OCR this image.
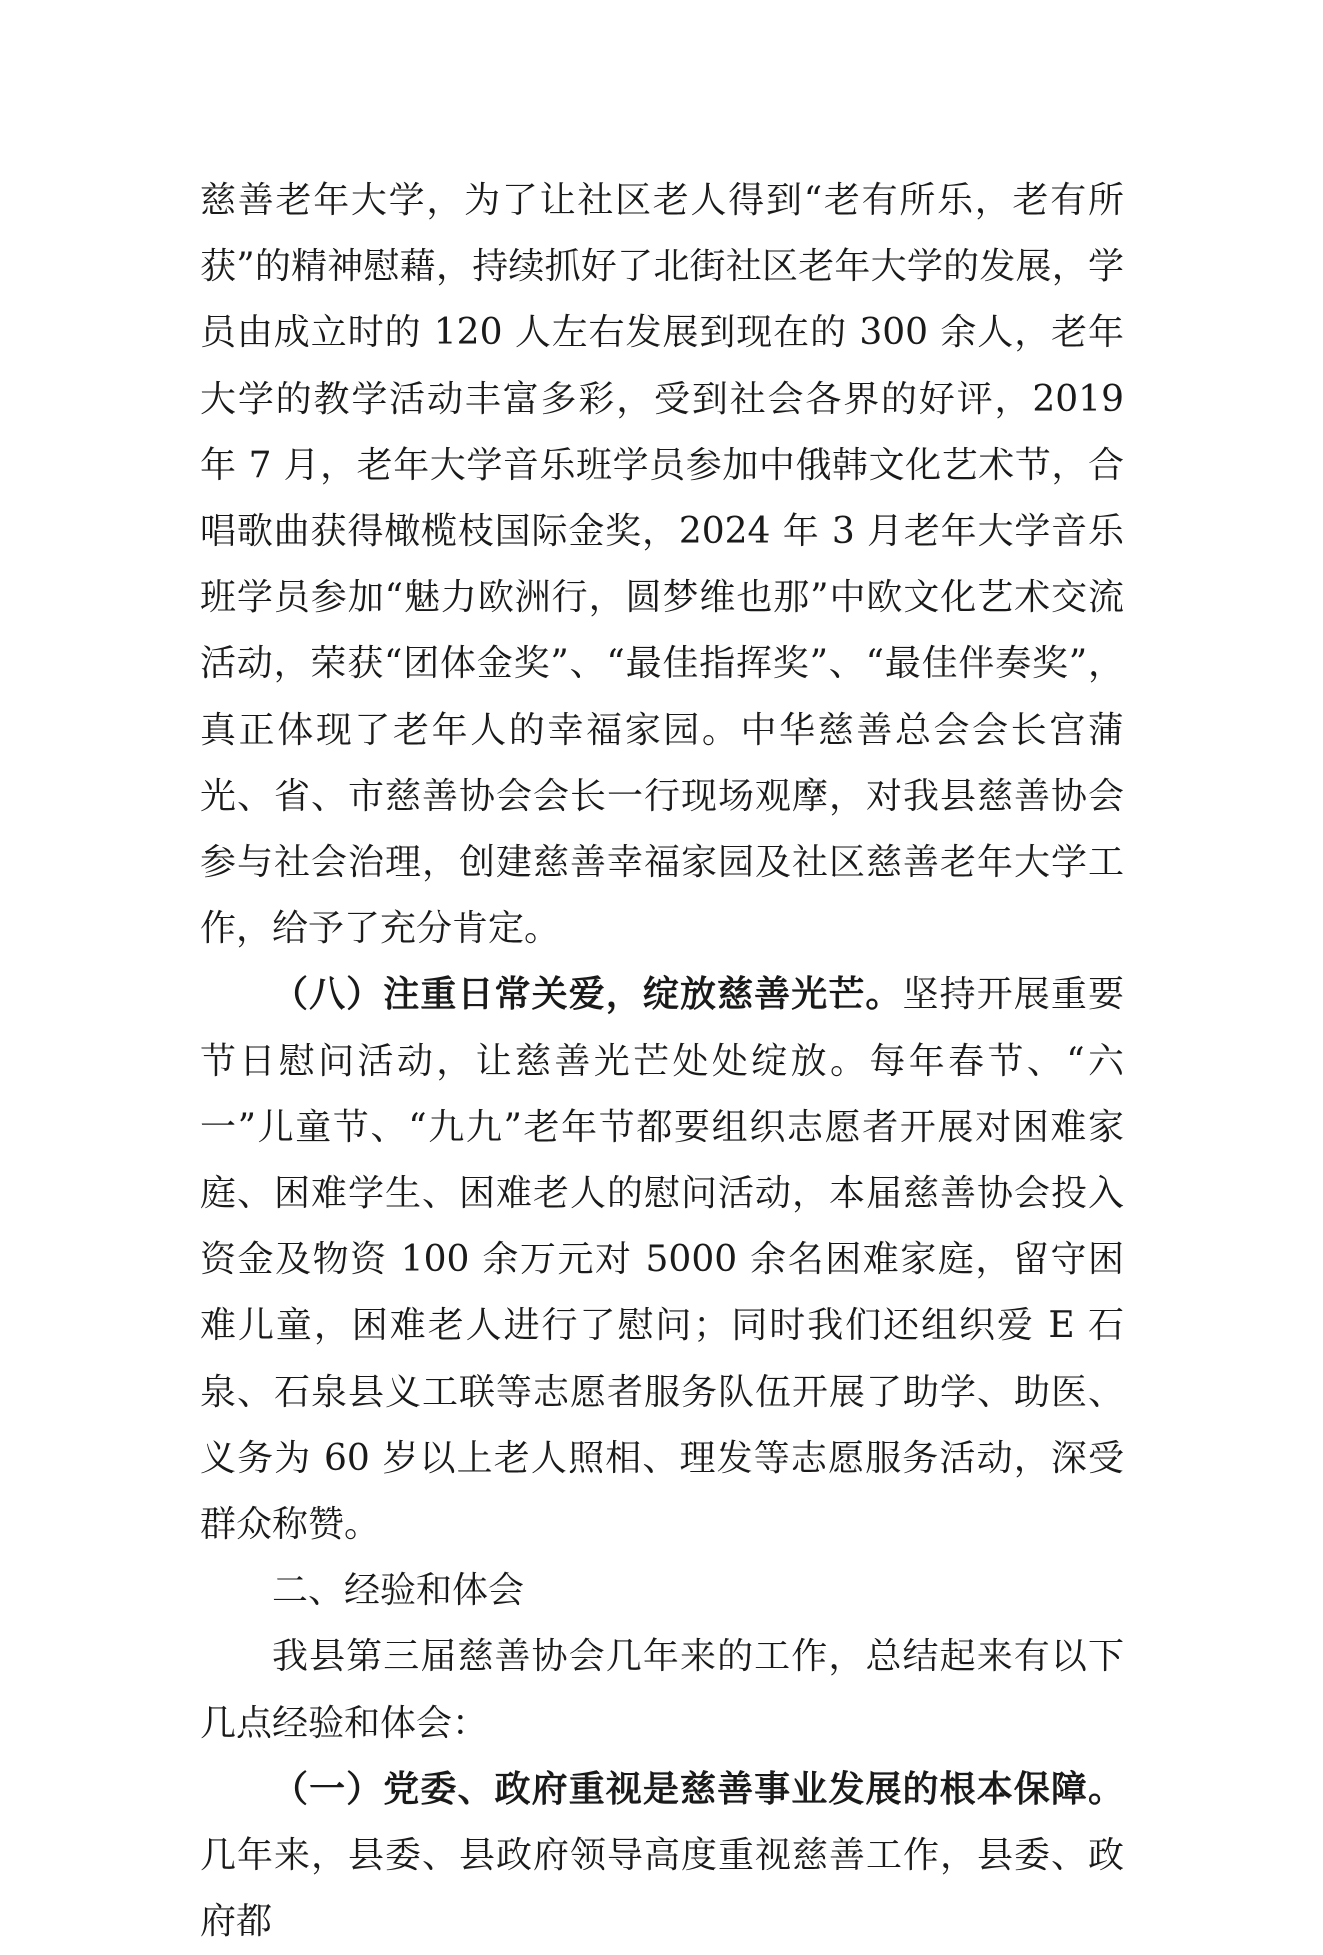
慈善老年大学，为了让社区老人得到“老有所乐，老有所获”的精神慰藉，持续抓好了北街社区老年大学的发展，学员由成立时的 120 人左右发展到现在的 300 余人，老年大学的教学活动丰富多彩，受到社会各界的好评，2019 年 7 月，老年大学音乐班学员参加中俄韩文化艺术节，合唱歌曲获得橄榄枝国际金奖，2024 年 3 月老年大学音乐班学员参加“魅力欧洲行，圆梦维也那”中欧文化艺术交流活动，荣获“团体金奖”、“最佳指挥奖”、“最佳伴奏奖”，真正体现了老年人的幸福家园。中华慈善总会会长宫蒲光、省、市慈善协会会长一行现场观摩，对我县慈善协会参与社会治理，创建慈善幸福家园及社区慈善老年大学工作，给予了充分肯定。

（八）注重日常关爱，绽放慈善光芒。坚持开展重要节日慰问活动，让慈善光芒处处绽放。每年春节、“六一”儿童节、“九九”老年节都要组织志愿者开展对困难家庭、困难学生、困难老人的慰问活动，本届慈善协会投入资金及物资 100 余万元对 5000 余名困难家庭，留守困难儿童，困难老人进行了慰问；同时我们还组织爱 E 石泉、石泉县义工联等志愿者服务队伍开展了助学、助医、义务为 60 岁以上老人照相、理发等志愿服务活动，深受群众称赞。

二、经验和体会

我县第三届慈善协会几年来的工作，总结起来有以下几点经验和体会：

（一）党委、政府重视是慈善事业发展的根本保障。几年来，县委、县政府领导高度重视慈善工作，县委、政府都
